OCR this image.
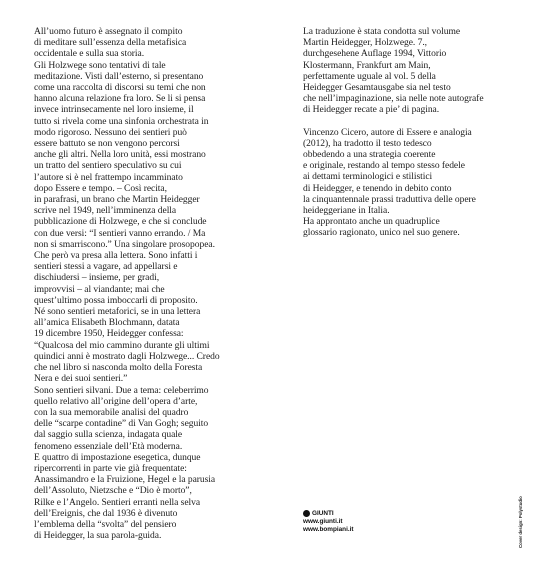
All’uomo futuro è assegnato il compito
di meditare sull’essenza della metafisica
occidentale e sulla sua storia.
Gli Holzwege sono tentativi di tale
meditazione. Visti dall’esterno, si presentano
come una raccolta di discorsi su temi che non
hanno alcuna relazione fra loro. Se li si pensa
invece intrinsecamente nel loro insieme, il
tutto si rivela come una sinfonia orchestrata in
modo rigoroso. Nessuno dei sentieri può
essere battuto se non vengono percorsi
anche gli altri. Nella loro unità, essi mostrano
un tratto del sentiero speculativo su cui
l’autore si è nel frattempo incamminato
dopo Essere e tempo. – Così recita,
in parafrasi, un brano che Martin Heidegger
scrive nel 1949, nell’imminenza della
pubblicazione di Holzwege, e che si conclude
con due versi: “I sentieri vanno errando. / Ma
non si smarriscono.” Una singolare prosopopea.
Che però va presa alla lettera. Sono infatti i
sentieri stessi a vagare, ad appellarsi e
dischiudersi – insieme, per gradi,
improvvisi – al viandante; mai che
quest’ultimo possa imboccarli di proposito.
Né sono sentieri metaforici, se in una lettera
all’amica Elisabeth Blochmann, datata
19 dicembre 1950, Heidegger confessa:
“Qualcosa del mio cammino durante gli ultimi
quindici anni è mostrato dagli Holzwege... Credo
che nel libro si nasconda molto della Foresta
Nera e dei suoi sentieri.”
Sono sentieri silvani. Due a tema: celeberrimo
quello relativo all’origine dell’opera d’arte,
con la sua memorabile analisi del quadro
delle “scarpe contadine” di Van Gogh; seguito
dal saggio sulla scienza, indagata quale
fenomeno essenziale dell’Età moderna.
E quattro di impostazione esegetica, dunque
ripercorrenti in parte vie già frequentate:
Anassimandro e la Fruizione, Hegel e la parusia
dell’Assoluto, Nietzsche e “Dio è morto”,
Rilke e l’Angelo. Sentieri erranti nella selva
dell’Ereignis, che dal 1936 è divenuto
l’emblema della “svolta” del pensiero
di Heidegger, la sua parola-guida.

La traduzione è stata condotta sul volume
Martin Heidegger, Holzwege. 7.,
durchgesehene Auflage 1994, Vittorio
Klostermann, Frankfurt am Main,
perfettamente uguale al vol. 5 della
Heidegger Gesamtausgabe sia nel testo
che nell’impaginazione, sia nelle note autografe
di Heidegger recate a pie’ di pagina.

Vincenzo Cicero, autore di Essere e analogia
(2012), ha tradotto il testo tedesco
obbedendo a una strategia coerente
e originale, restando al tempo stesso fedele
ai dettami terminologici e stilistici
di Heidegger, e tenendo in debito conto
la cinquantennale prassi traduttiva delle opere
heideggeriane in Italia.
Ha approntato anche un quadruplice
glossario ragionato, unico nel suo genere.

GIUNTI
www.giunti.it
www.bompiani.it	Cover design: Polystudio
